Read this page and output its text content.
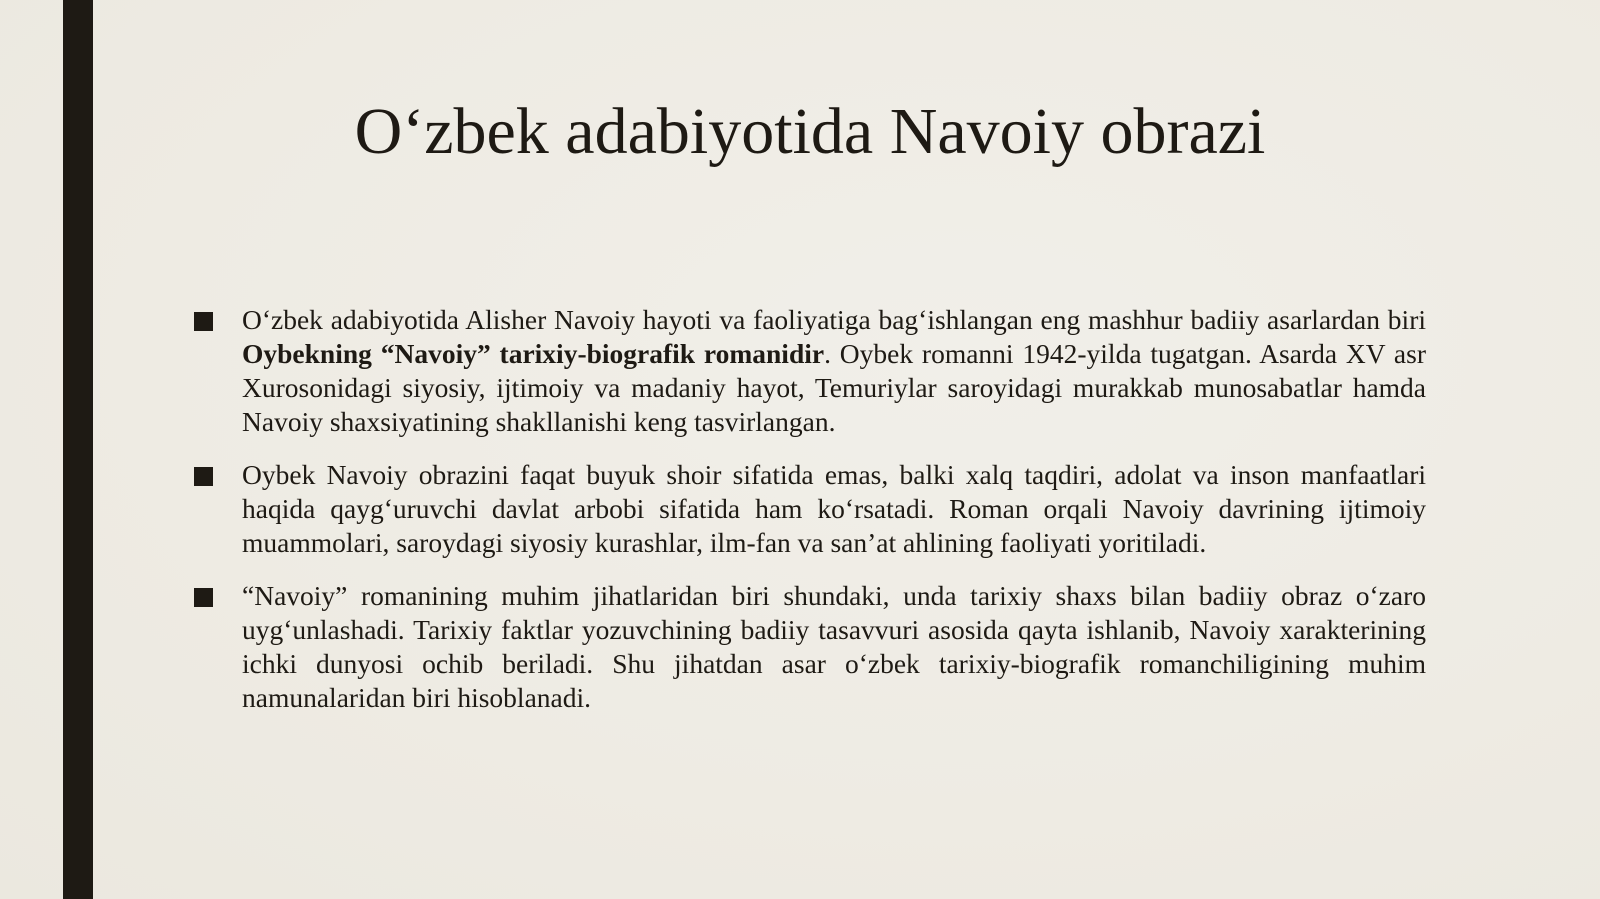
O‘zbek adabiyotida Navoiy obrazi
O‘zbek adabiyotida Alisher Navoiy hayoti va faoliyatiga bag‘ishlangan eng mashhur badiiy asarlardan biri Oybekning “Navoiy” tarixiy-biografik romanidir. Oybek romanni 1942-yilda tugatgan. Asarda XV asr Xurosonidagi siyosiy, ijtimoiy va madaniy hayot, Temuriylar saroyidagi murakkab munosabatlar hamda Navoiy shaxsiyatining shakllanishi keng tasvirlangan.
Oybek Navoiy obrazini faqat buyuk shoir sifatida emas, balki xalq taqdiri, adolat va inson manfaatlari haqida qayg‘uruvchi davlat arbobi sifatida ham ko‘rsatadi. Roman orqali Navoiy davrining ijtimoiy muammolari, saroydagi siyosiy kurashlar, ilm-fan va san’at ahlining faoliyati yoritiladi.
“Navoiy” romanining muhim jihatlaridan biri shundaki, unda tarixiy shaxs bilan badiiy obraz o‘zaro uyg‘unlashadi. Tarixiy faktlar yozuvchining badiiy tasavvuri asosida qayta ishlanib, Navoiy xarakterining ichki dunyosi ochib beriladi. Shu jihatdan asar o‘zbek tarixiy-biografik romanchiligining muhim namunalaridan biri hisoblanadi.
